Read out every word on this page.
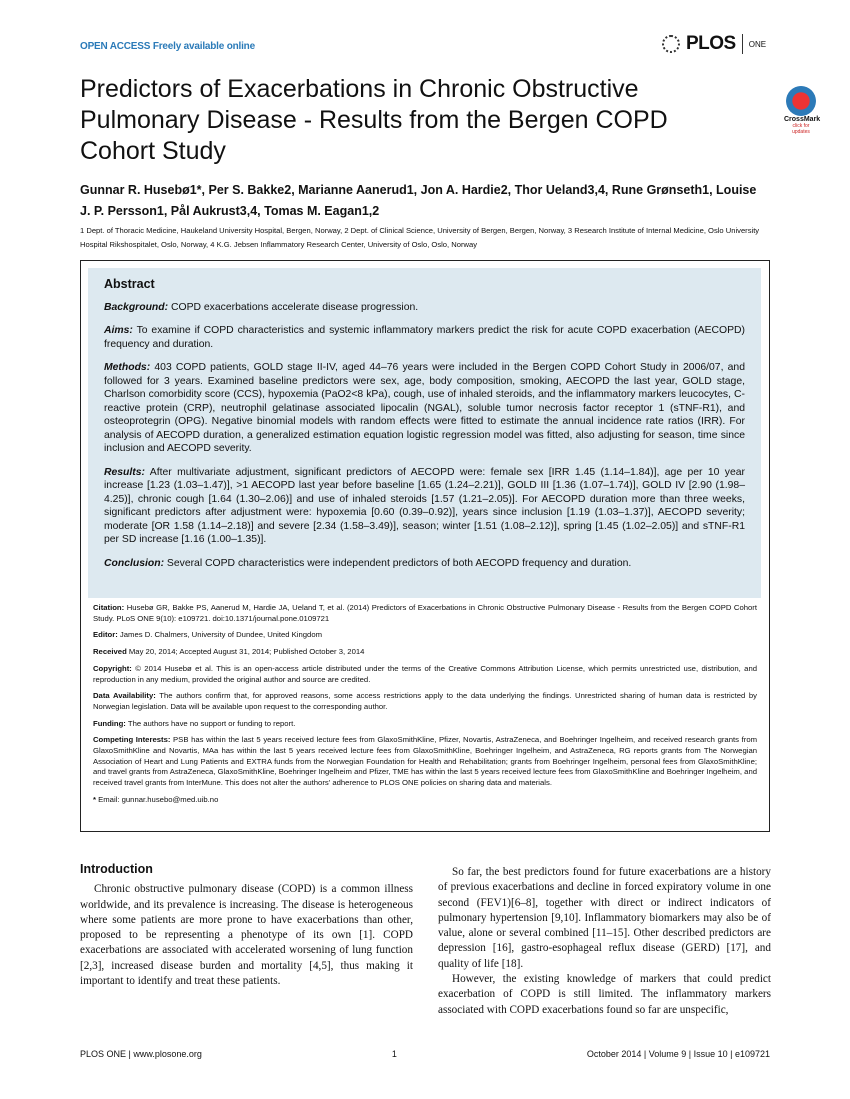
OPEN ACCESS Freely available online	PLOS ONE
Predictors of Exacerbations in Chronic Obstructive Pulmonary Disease - Results from the Bergen COPD Cohort Study
CrossMark
click for updates
Gunnar R. Husebø1*, Per S. Bakke2, Marianne Aanerud1, Jon A. Hardie2, Thor Ueland3,4, Rune Grønseth1, Louise J. P. Persson1, Pål Aukrust3,4, Tomas M. Eagan1,2
1 Dept. of Thoracic Medicine, Haukeland University Hospital, Bergen, Norway, 2 Dept. of Clinical Science, University of Bergen, Bergen, Norway, 3 Research Institute of Internal Medicine, Oslo University Hospital Rikshospitalet, Oslo, Norway, 4 K.G. Jebsen Inflammatory Research Center, University of Oslo, Oslo, Norway
Abstract

Background: COPD exacerbations accelerate disease progression.

Aims: To examine if COPD characteristics and systemic inflammatory markers predict the risk for acute COPD exacerbation (AECOPD) frequency and duration.

Methods: 403 COPD patients, GOLD stage II-IV, aged 44–76 years were included in the Bergen COPD Cohort Study in 2006/07, and followed for 3 years. Examined baseline predictors were sex, age, body composition, smoking, AECOPD the last year, GOLD stage, Charlson comorbidity score (CCS), hypoxemia (PaO2<8 kPa), cough, use of inhaled steroids, and the inflammatory markers leucocytes, C-reactive protein (CRP), neutrophil gelatinase associated lipocalin (NGAL), soluble tumor necrosis factor receptor 1 (sTNF-R1), and osteoprotegrin (OPG). Negative binomial models with random effects were fitted to estimate the annual incidence rate ratios (IRR). For analysis of AECOPD duration, a generalized estimation equation logistic regression model was fitted, also adjusting for season, time since inclusion and AECOPD severity.

Results: After multivariate adjustment, significant predictors of AECOPD were: female sex [IRR 1.45 (1.14–1.84)], age per 10 year increase [1.23 (1.03–1.47)], >1 AECOPD last year before baseline [1.65 (1.24–2.21)], GOLD III [1.36 (1.07–1.74)], GOLD IV [2.90 (1.98–4.25)], chronic cough [1.64 (1.30–2.06)] and use of inhaled steroids [1.57 (1.21–2.05)]. For AECOPD duration more than three weeks, significant predictors after adjustment were: hypoxemia [0.60 (0.39–0.92)], years since inclusion [1.19 (1.03–1.37)], AECOPD severity; moderate [OR 1.58 (1.14–2.18)] and severe [2.34 (1.58–3.49)], season; winter [1.51 (1.08–2.12)], spring [1.45 (1.02–2.05)] and sTNF-R1 per SD increase [1.16 (1.00–1.35)].

Conclusion: Several COPD characteristics were independent predictors of both AECOPD frequency and duration.

Citation: Husebø GR, Bakke PS, Aanerud M, Hardie JA, Ueland T, et al. (2014) Predictors of Exacerbations in Chronic Obstructive Pulmonary Disease - Results from the Bergen COPD Cohort Study. PLoS ONE 9(10): e109721. doi:10.1371/journal.pone.0109721

Editor: James D. Chalmers, University of Dundee, United Kingdom

Received May 20, 2014; Accepted August 31, 2014; Published October 3, 2014

Copyright: © 2014 Husebø et al. This is an open-access article distributed under the terms of the Creative Commons Attribution License, which permits unrestricted use, distribution, and reproduction in any medium, provided the original author and source are credited.

Data Availability: The authors confirm that, for approved reasons, some access restrictions apply to the data underlying the findings. Unrestricted sharing of human data is restricted by Norwegian legislation. Data will be available upon request to the corresponding author.

Funding: The authors have no support or funding to report.

Competing Interests: PSB has within the last 5 years received lecture fees from GlaxoSmithKline, Pfizer, Novartis, AstraZeneca, and Boehringer Ingelheim, and received research grants from GlaxoSmithKline and Novartis, MAa has within the last 5 years received lecture fees from GlaxoSmithKline, Boehringer Ingelheim, and AstraZeneca, RG reports grants from The Norwegian Association of Heart and Lung Patients and EXTRA funds from the Norwegian Foundation for Health and Rehabilitation; grants from Boehringer Ingelheim, personal fees from GlaxoSmithKline; and travel grants from AstraZeneca, GlaxoSmithKline, Boehringer Ingelheim and Pfizer, TME has within the last 5 years received lecture fees from GlaxoSmithKline and Boehringer Ingelheim, and received travel grants from InterMune. This does not alter the authors' adherence to PLOS ONE policies on sharing data and materials.

* Email: gunnar.husebo@med.uib.no

Introduction

Chronic obstructive pulmonary disease (COPD) is a common illness worldwide, and its prevalence is increasing. The disease is heterogeneous where some patients are more prone to have exacerbations than other, proposed to be representing a phenotype of its own [1]. COPD exacerbations are associated with accelerated worsening of lung function [2,3], increased disease burden and mortality [4,5], thus making it important to identify and treat these patients.

So far, the best predictors found for future exacerbations are a history of previous exacerbations and decline in forced expiratory volume in one second (FEV1)[6–8], together with direct or indirect indicators of pulmonary hypertension [9,10]. Inflammatory biomarkers may also be of value, alone or several combined [11–15]. Other described predictors are depression [16], gastro-esophageal reflux disease (GERD) [17], and quality of life [18].

However, the existing knowledge of markers that could predict exacerbation of COPD is still limited. The inflammatory markers associated with COPD exacerbations found so far are unspecific,

PLOS ONE | www.plosone.org	1	October 2014 | Volume 9 | Issue 10 | e109721
